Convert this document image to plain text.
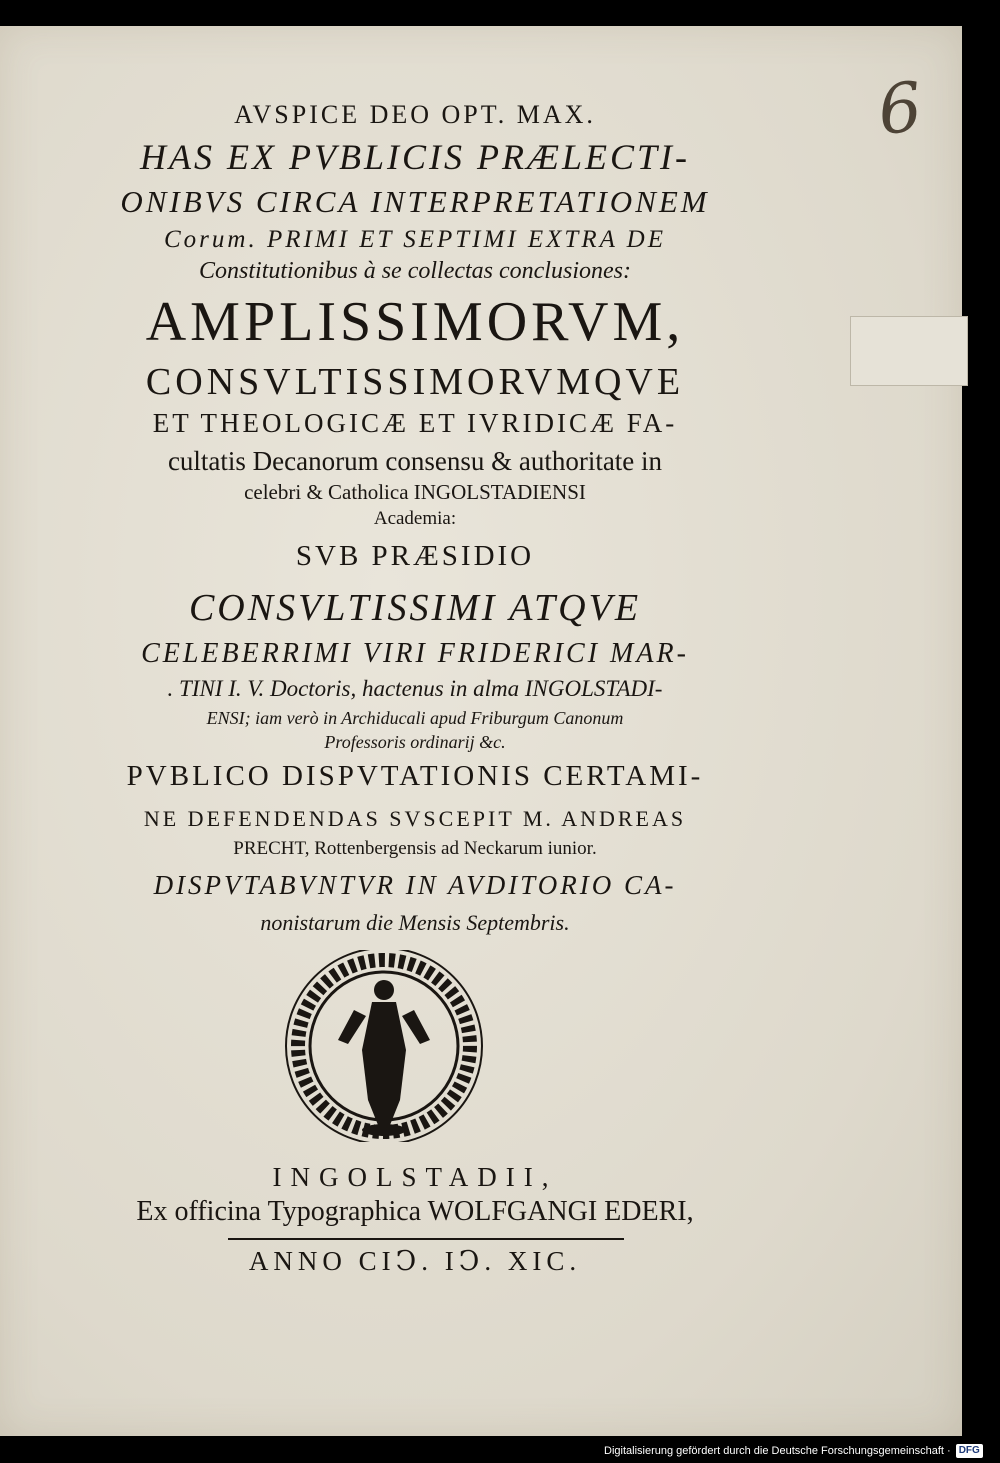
6
AVSPICE DEO OPT. MAX.
HAS EX PVBLICIS PRÆLECTI-
ONIBVS CIRCA INTERPRETATIONEM
Corum. PRIMI ET SEPTIMI EXTRA DE
Constitutionibus à se collectas conclusiones:
AMPLISSIMORVM,
CONSVLTISSIMORVMQVE
ET THEOLOGICÆ ET IVRIDICÆ FA-
cultatis Decanorum consensu & authoritate in
celebri & Catholica INGOLSTADIENSI
Academia:
SVB PRÆSIDIO
CONSVLTISSIMI ATQVE
CELEBERRIMI VIRI FRIDERICI MAR-
. TINI I. V. Doctoris, hactenus in alma INGOLSTADI-
ENSI; iam verò in Archiducali apud Friburgum Canonum
Professoris ordinarij &c.
PVBLICO DISPVTATIONIS CERTAMI-
NE DEFENDENDAS SVSCEPIT M. ANDREAS
PRECHT, Rottenbergensis ad Neckarum iunior.
DISPVTABVNTVR IN AVDITORIO CA-
nonistarum die Mensis Septembris.
INGOLSTADII,
Ex officina Typographica WOLFGANGI EDERI,
ANNO CIↃ. IↃ. XIC.
Digitalisierung gefördert durch die Deutsche Forschungsgemeinschaft · DFG
